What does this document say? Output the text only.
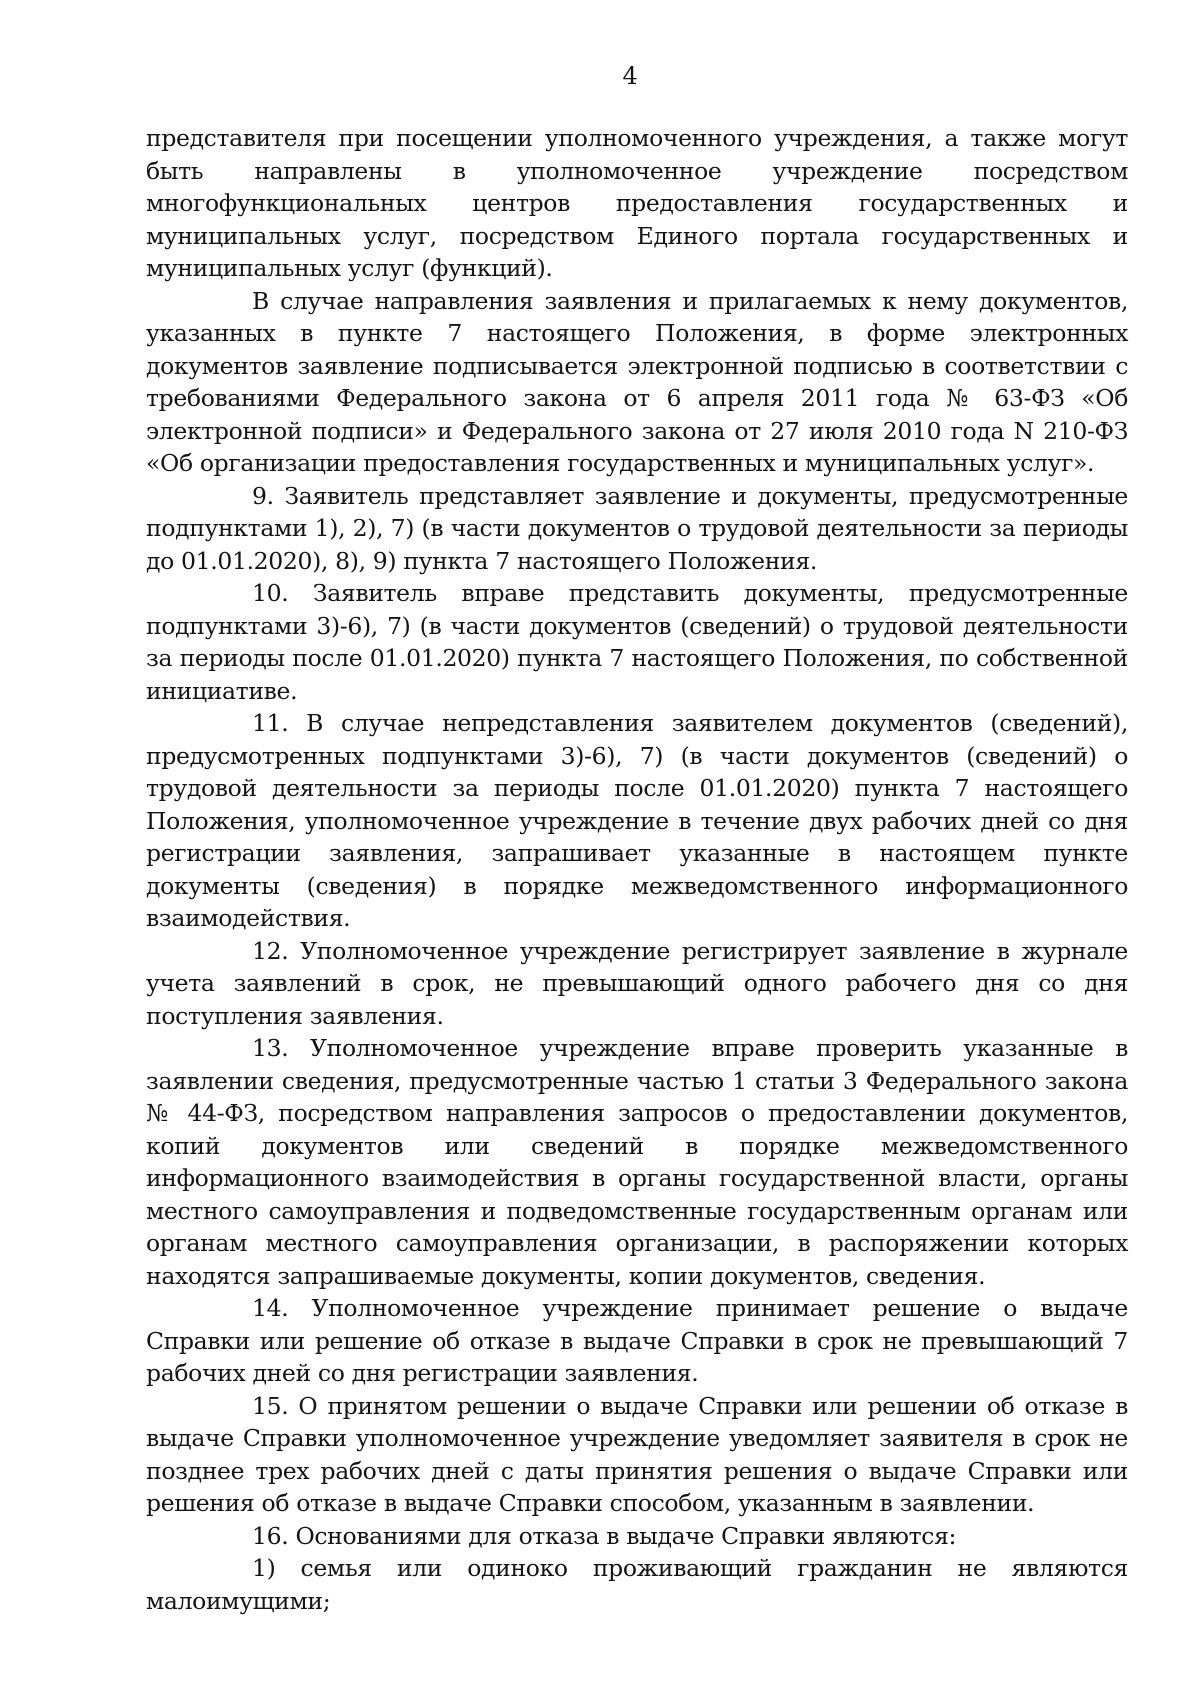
4

представителя при посещении уполномоченного учреждения, а также могут быть направлены в уполномоченное учреждение посредством многофункциональных центров предоставления государственных и муниципальных услуг, посредством Единого портала государственных и муниципальных услуг (функций).

В случае направления заявления и прилагаемых к нему документов, указанных в пункте 7 настоящего Положения, в форме электронных документов заявление подписывается электронной подписью в соответствии с требованиями Федерального закона от 6 апреля 2011 года № 63-ФЗ «Об электронной подписи» и Федерального закона от 27 июля 2010 года N 210-ФЗ «Об организации предоставления государственных и муниципальных услуг».

9. Заявитель представляет заявление и документы, предусмотренные подпунктами 1), 2), 7) (в части документов о трудовой деятельности за периоды до 01.01.2020), 8), 9) пункта 7 настоящего Положения.

10. Заявитель вправе представить документы, предусмотренные подпунктами 3)-6), 7) (в части документов (сведений) о трудовой деятельности за периоды после 01.01.2020) пункта 7 настоящего Положения, по собственной инициативе.

11. В случае непредставления заявителем документов (сведений), предусмотренных подпунктами 3)-6), 7) (в части документов (сведений) о трудовой деятельности за периоды после 01.01.2020) пункта 7 настоящего Положения, уполномоченное учреждение в течение двух рабочих дней со дня регистрации заявления, запрашивает указанные в настоящем пункте документы (сведения) в порядке межведомственного информационного взаимодействия.

12. Уполномоченное учреждение регистрирует заявление в журнале учета заявлений в срок, не превышающий одного рабочего дня со дня поступления заявления.

13. Уполномоченное учреждение вправе проверить указанные в заявлении сведения, предусмотренные частью 1 статьи 3 Федерального закона № 44-ФЗ, посредством направления запросов о предоставлении документов, копий документов или сведений в порядке межведомственного информационного взаимодействия в органы государственной власти, органы местного самоуправления и подведомственные государственным органам или органам местного самоуправления организации, в распоряжении которых находятся запрашиваемые документы, копии документов, сведения.

14. Уполномоченное учреждение принимает решение о выдаче Справки или решение об отказе в выдаче Справки в срок не превышающий 7 рабочих дней со дня регистрации заявления.

15. О принятом решении о выдаче Справки или решении об отказе в выдаче Справки уполномоченное учреждение уведомляет заявителя в срок не позднее трех рабочих дней с даты принятия решения о выдаче Справки или решения об отказе в выдаче Справки способом, указанным в заявлении.

16. Основаниями для отказа в выдаче Справки являются:

1) семья или одиноко проживающий гражданин не являются малоимущими;
